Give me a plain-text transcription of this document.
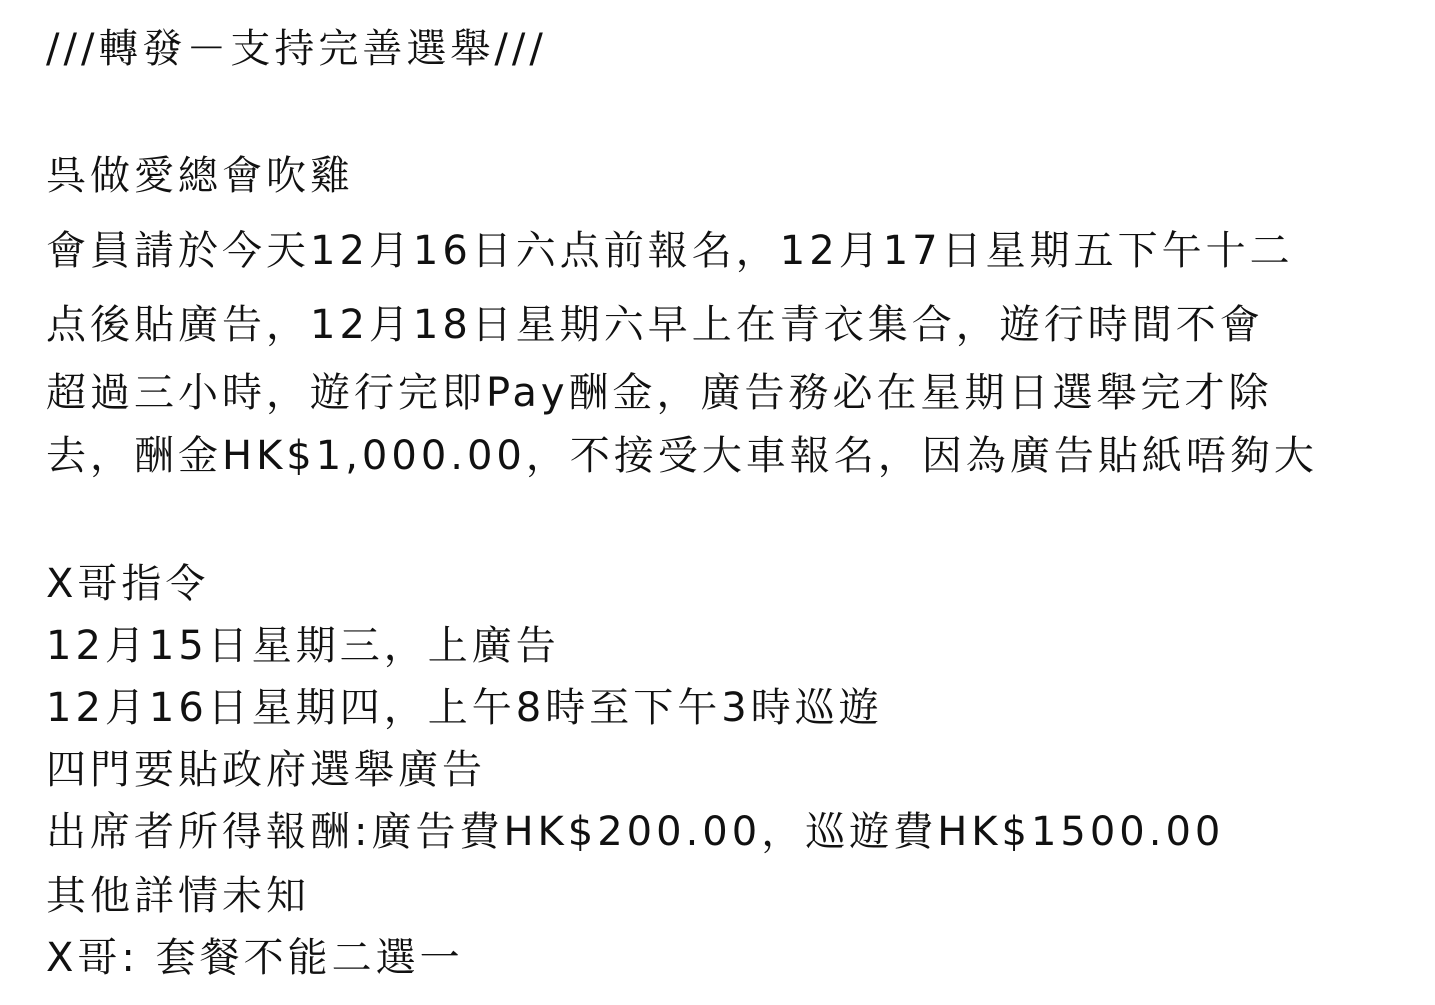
///轉發－支持完善選舉///
呉做愛總會吹雞
會員請於今天12月16日六点前報名，12月17日星期五下午十二
点後貼廣告，12月18日星期六早上在青衣集合，遊行時間不會
超過三小時，遊行完即Pay酬金，廣告務必在星期日選舉完才除
去，酬金HK$1,000.00，不接受大車報名，因為廣告貼紙唔夠大
X哥指令
12月15日星期三，上廣告
12月16日星期四，上午8時至下午3時巡遊
四門要貼政府選舉廣告
出席者所得報酬:廣告費HK$200.00，巡遊費HK$1500.00
其他詳情未知
X哥: 套餐不能二選一
